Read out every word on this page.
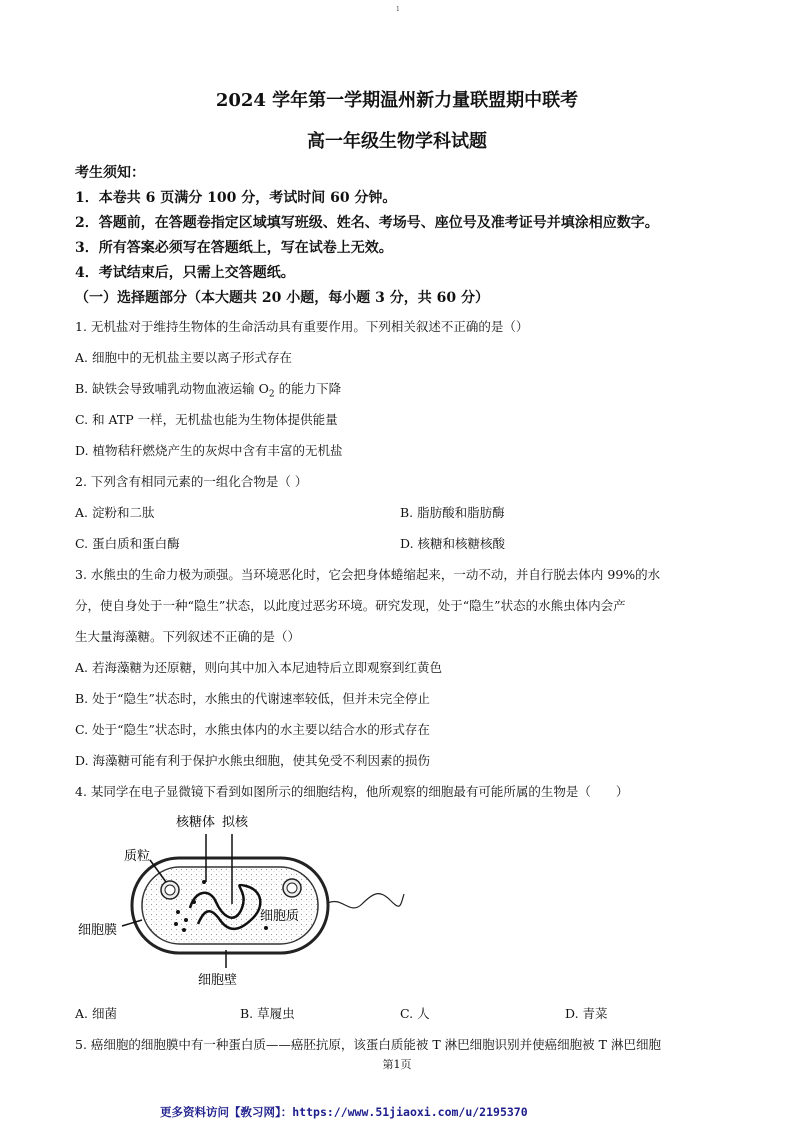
1
2024 学年第一学期温州新力量联盟期中联考
高一年级生物学科试题
考生须知：
1．本卷共 6 页满分 100 分，考试时间 60 分钟。
2．答题前，在答题卷指定区域填写班级、姓名、考场号、座位号及准考证号并填涂相应数字。
3．所有答案必须写在答题纸上，写在试卷上无效。
4．考试结束后，只需上交答题纸。
（一）选择题部分（本大题共 20 小题，每小题 3 分，共 60 分）
1. 无机盐对于维持生物体的生命活动具有重要作用。下列相关叙述不正确的是（）
A. 细胞中的无机盐主要以离子形式存在
B. 缺铁会导致哺乳动物血液运输 $O_2$ 的能力下降
C. 和 ATP 一样，无机盐也能为生物体提供能量
D. 植物秸秆燃烧产生的灰烬中含有丰富的无机盐
2. 下列含有相同元素的一组化合物是（ ）
A. 淀粉和二肽	B. 脂肪酸和脂肪酶
C. 蛋白质和蛋白酶	D. 核糖和核糖核酸
3. 水熊虫的生命力极为顽强。当环境恶化时，它会把身体蜷缩起来，一动不动，并自行脱去体内 99%的水
分，使自身处于一种“隐生”状态，以此度过恶劣环境。研究发现，处于“隐生”状态的水熊虫体内会产
生大量海藻糖。下列叙述不正确的是（）
A. 若海藻糖为还原糖，则向其中加入本尼迪特后立即观察到红黄色
B. 处于“隐生”状态时，水熊虫的代谢速率较低，但并未完全停止
C. 处于“隐生”状态时，水熊虫体内的水主要以结合水的形式存在
D. 海藻糖可能有利于保护水熊虫细胞，使其免受不利因素的损伤
4. 某同学在电子显微镜下看到如图所示的细胞结构，他所观察的细胞最有可能所属的生物是（　　）
核糖体 拟核
质粒
细胞膜
细胞质
细胞壁
A. 细菌	B. 草履虫	C. 人	D. 青菜
5. 癌细胞的细胞膜中有一种蛋白质——癌胚抗原，该蛋白质能被 T 淋巴细胞识别并使癌细胞被 T 淋巴细胞
第1页
更多资料访问【敎习网】：https://www.51jiaoxi.com/u/2195370
